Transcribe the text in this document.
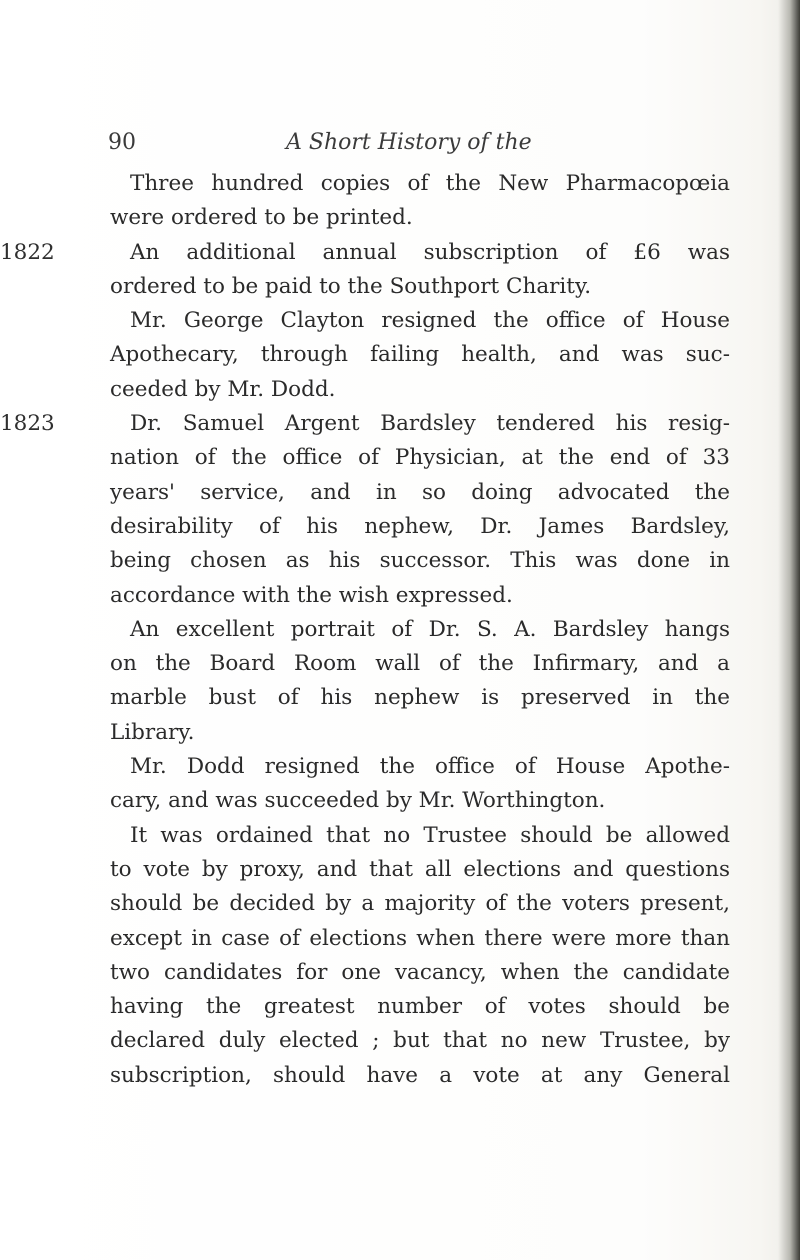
90	A Short History of the
Three hundred copies of the New Pharmacopœia
were ordered to be printed.
1822	An additional annual subscription of £6 was
ordered to be paid to the Southport Charity.
Mr. George Clayton resigned the office of House
Apothecary, through failing health, and was suc-
ceeded by Mr. Dodd.
1823	Dr. Samuel Argent Bardsley tendered his resig-
nation of the office of Physician, at the end of 33
years' service, and in so doing advocated the
desirability of his nephew, Dr. James Bardsley,
being chosen as his successor. This was done in
accordance with the wish expressed.
An excellent portrait of Dr. S. A. Bardsley hangs
on the Board Room wall of the Infirmary, and a
marble bust of his nephew is preserved in the
Library.
Mr. Dodd resigned the office of House Apothe-
cary, and was succeeded by Mr. Worthington.
It was ordained that no Trustee should be allowed
to vote by proxy, and that all elections and questions
should be decided by a majority of the voters present,
except in case of elections when there were more than
two candidates for one vacancy, when the candidate
having the greatest number of votes should be
declared duly elected ; but that no new Trustee, by
subscription, should have a vote at any General
